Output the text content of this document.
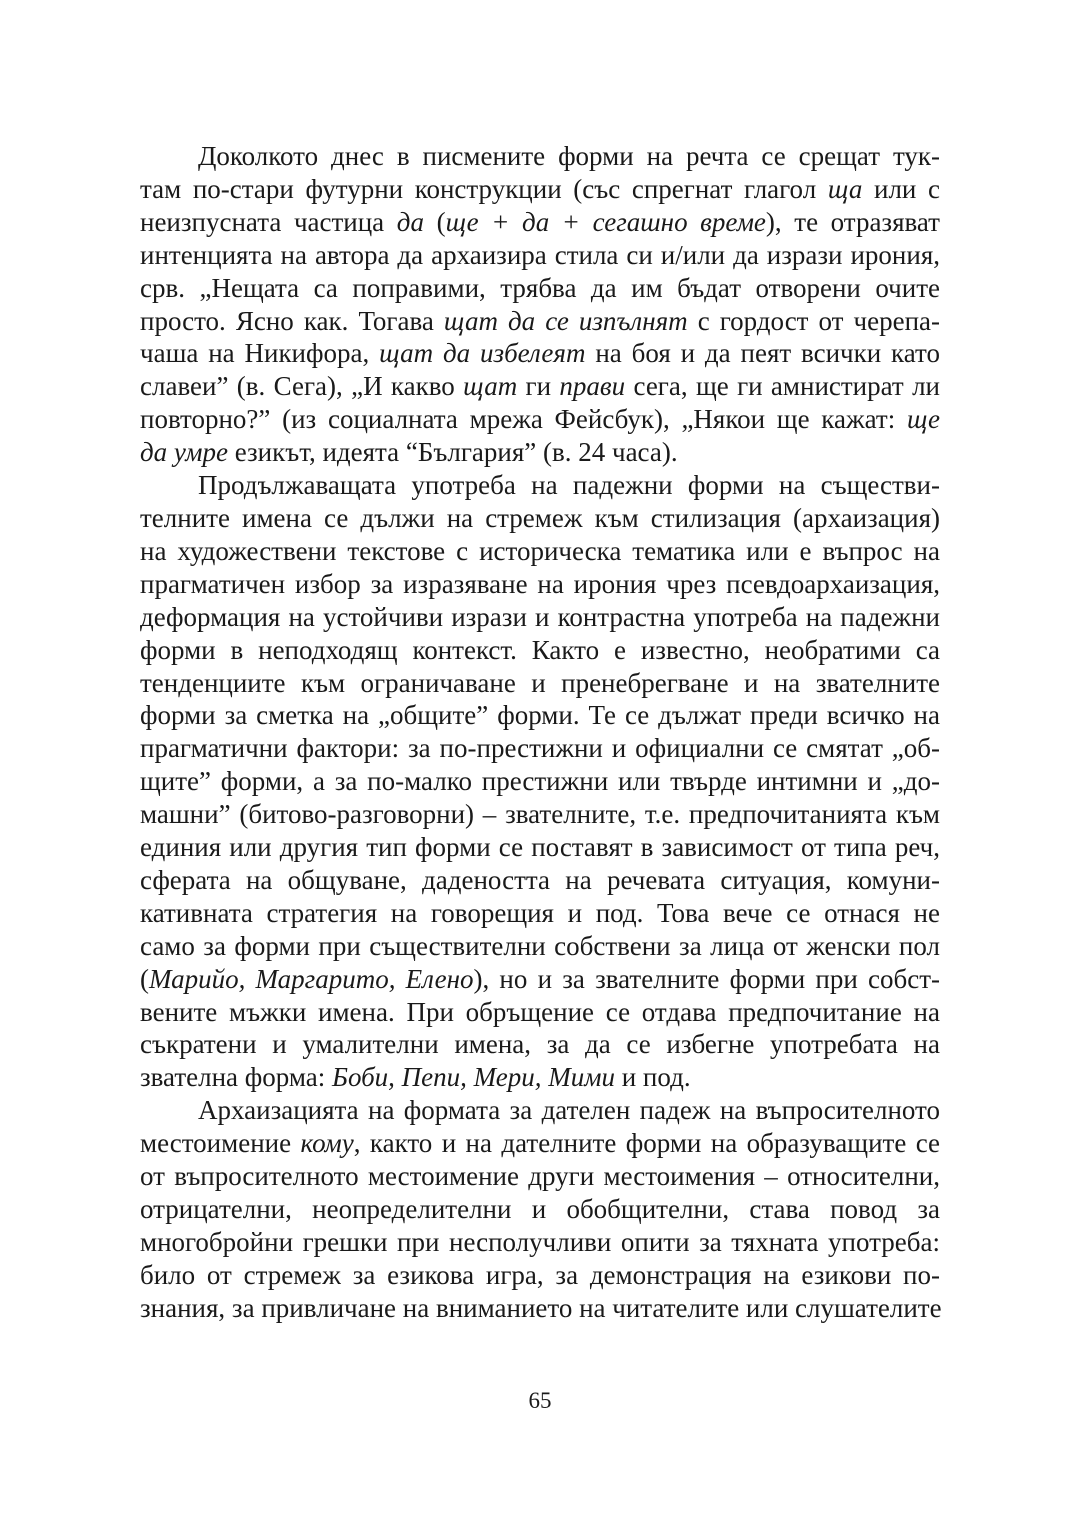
Доколкото днес в писмените форми на речта се срещат тук-

там по-стари футурни конструкции (със спрегнат глагол ща или с

неизпусната частица да (ще + да + сегашно време), те отразяват

интенцията на автора да архаизира стила си и/или да изрази ирония,

срв. „Нещата са поправими, трябва да им бъдат отворени очите

просто. Ясно как. Тогава щат да се изпълнят с гордост от черепа-

чаша на Никифора, щат да избелеят на боя и да пеят всички като

славеи” (в. Сега), „И какво щат ги прави сега, ще ги амнистират ли

повторно?” (из социалната мрежа Фейсбук), „Някои ще кажат: ще

да умре езикът, идеята “България” (в. 24 часа).

Продължаващата употреба на падежни форми на съществи-

телните имена се дължи на стремеж към стилизация (архаизация)

на художествени текстове с историческа тематика или е въпрос на

прагматичен избор за изразяване на ирония чрез псевдоархаизация,

деформация на устойчиви изрази и контрастна употреба на падежни

форми в неподходящ контекст. Както е известно, необратими са

тенденциите към ограничаване и пренебрегване и на звателните

форми за сметка на „общите” форми. Те се дължат преди всичко на

прагматични фактори: за по-престижни и официални се смятат „об-

щите” форми, а за по-малко престижни или твърде интимни и „до-

машни” (битово-разговорни) – звателните, т.е. предпочитанията към

единия или другия тип форми се поставят в зависимост от типа реч,

сферата на общуване, дадеността на речевата ситуация, комуни-

кативната стратегия на говорещия и под. Това вече се отнася не

само за форми при съществителни собствени за лица от женски пол

(Марийо, Маргарито, Елено), но и за звателните форми при собст-

вените мъжки имена. При обръщение се отдава предпочитание на

съкратени и умалителни имена, за да се избегне употребата на

звателна форма: Боби, Пепи, Мери, Мими и под.

Архаизацията на формата за дателен падеж на въпросителното

местоимение кому, както и на дателните форми на образуващите се

от въпросителното местоимение други местоимения – относителни,

отрицателни, неопределителни и обобщителни, става повод за

многобройни грешки при несполучливи опити за тяхната употреба:

било от стремеж за езикова игра, за демонстрация на езикови по-

знания, за привличане на вниманието на читателите или слушателите

65
